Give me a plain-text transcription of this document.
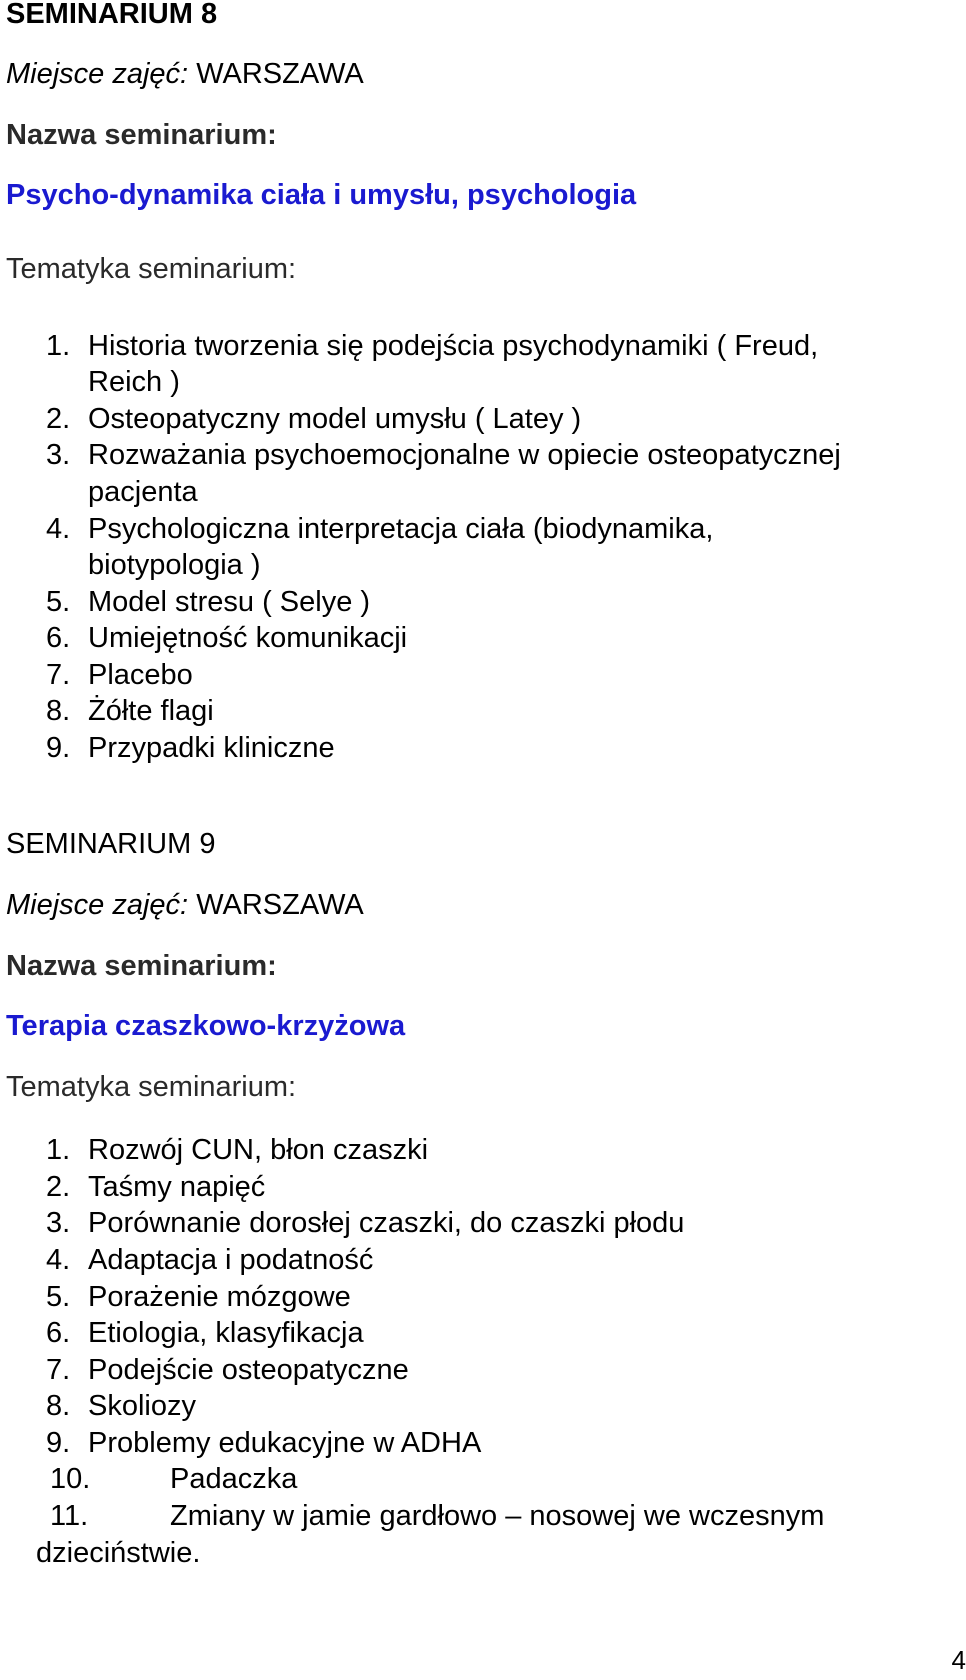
SEMINARIUM 8
Miejsce zajęć: WARSZAWA
Nazwa seminarium:
Psycho-dynamika ciała i umysłu, psychologia
Tematyka seminarium:
1. Historia tworzenia się podejścia psychodynamiki ( Freud,
Reich )
2. Osteopatyczny model umysłu ( Latey )
3. Rozważania psychoemocjonalne w opiecie osteopatycznej
pacjenta
4. Psychologiczna interpretacja ciała (biodynamika,
biotypologia )
5. Model stresu ( Selye )
6. Umiejętność komunikacji
7. Placebo
8. Żółte flagi
9. Przypadki kliniczne
SEMINARIUM 9
Miejsce zajęć: WARSZAWA
Nazwa seminarium:
Terapia czaszkowo-krzyżowa
Tematyka seminarium:
1. Rozwój CUN, błon czaszki
2. Taśmy napięć
3. Porównanie dorosłej czaszki, do czaszki płodu
4. Adaptacja i podatność
5. Porażenie mózgowe
6. Etiologia, klasyfikacja
7. Podejście osteopatyczne
8. Skoliozy
9. Problemy edukacyjne w ADHA
10.	Padaczka
11.	Zmiany w jamie gardłowo – nosowej we wczesnym
dzieciństwie.
4
